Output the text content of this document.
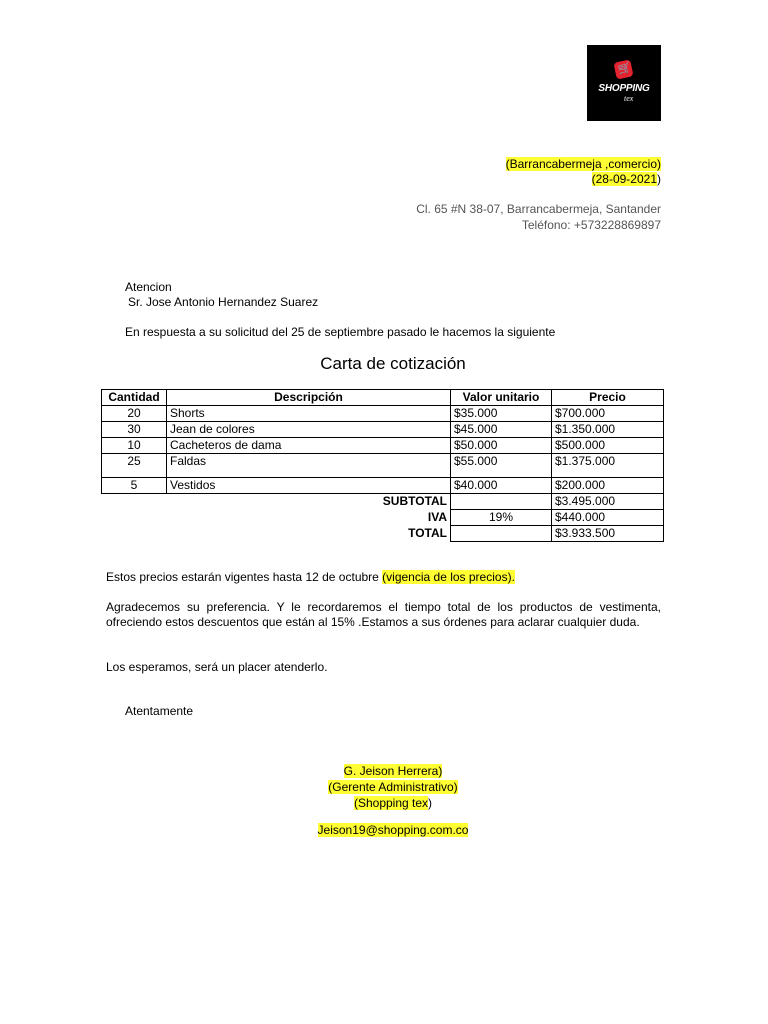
🛒
SHOPPING
tex
(Barrancabermeja ,comercio)
(28-09-2021)
Cl. 65 #N 38-07, Barrancabermeja, Santander
Teléfono: +573228869897
Atencion
Sr. Jose Antonio Hernandez Suarez
En respuesta a su solicitud del 25 de septiembre pasado le hacemos la siguiente
Carta de cotización
Cantidad	Descripción	Valor unitario	Precio
20	Shorts	$35.000	$700.000
30	Jean de colores	$45.000	$1.350.000
10	Cacheteros de dama	$50.000	$500.000
25	Faldas	$55.000	$1.375.000
5	Vestidos	$40.000	$200.000
SUBTOTAL			$3.495.000
IVA		19%	$440.000
TOTAL			$3.933.500
Estos precios estarán vigentes hasta 12 de octubre (vigencia de los precios).
Agradecemos su preferencia. Y le recordaremos el tiempo total de los productos de vestimenta, ofreciendo estos descuentos que están al 15% .Estamos a sus órdenes para aclarar cualquier duda.
Los esperamos, será un placer atenderlo.
Atentamente
G. Jeison Herrera)
(Gerente Administrativo)
(Shopping tex)
Jeison19@shopping.com.co
